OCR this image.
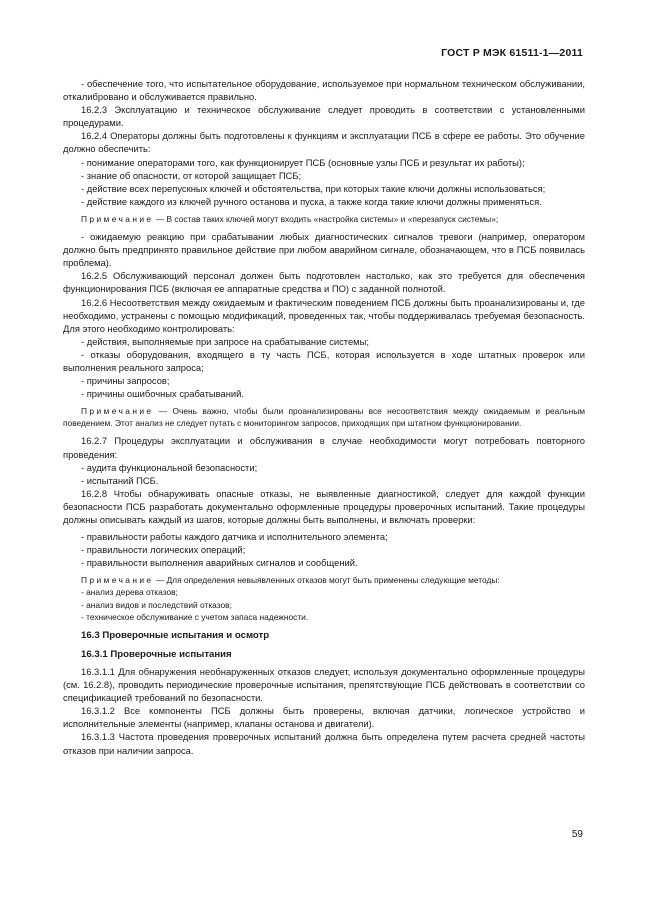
ГОСТ Р МЭК 61511-1—2011

- обеспечение того, что испытательное оборудование, используемое при нормальном техническом обслуживании, откалибровано и обслуживается правильно.

16.2.3 Эксплуатацию и техническое обслуживание следует проводить в соответствии с установленными процедурами.

16.2.4 Операторы должны быть подготовлены к функциям и эксплуатации ПСБ в сфере ее работы. Это обучение должно обеспечить:

- понимание операторами того, как функционирует ПСБ (основные узлы ПСБ и результат их работы);

- знание об опасности, от которой защищает ПСБ;

- действие всех перепускных ключей и обстоятельства, при которых такие ключи должны использоваться;

- действие каждого из ключей ручного останова и пуска, а также когда такие ключи должны применяться.

Примечание — В состав таких ключей могут входить «настройка системы» и «перезапуск системы»;

- ожидаемую реакцию при срабатывании любых диагностических сигналов тревоги (например, оператором должно быть предпринято правильное действие при любом аварийном сигнале, обозначающем, что в ПСБ появилась проблема).

16.2.5 Обслуживающий персонал должен быть подготовлен настолько, как это требуется для обеспечения функционирования ПСБ (включая ее аппаратные средства и ПО) с заданной полнотой.

16.2.6 Несоответствия между ожидаемым и фактическим поведением ПСБ должны быть проанализированы и, где необходимо, устранены с помощью модификаций, проведенных так, чтобы поддерживалась требуемая безопасность. Для этого необходимо контролировать:

- действия, выполняемые при запросе на срабатывание системы;

- отказы оборудования, входящего в ту часть ПСБ, которая используется в ходе штатных проверок или выполнения реального запроса;

- причины запросов;

- причины ошибочных срабатываний.

Примечание — Очень важно, чтобы были проанализированы все несоответствия между ожидаемым и реальным поведением. Этот анализ не следует путать с мониторингом запросов, приходящих при штатном функционировании.

16.2.7 Процедуры эксплуатации и обслуживания в случае необходимости могут потребовать повторного проведения:

- аудита функциональной безопасности;

- испытаний ПСБ.

16.2.8 Чтобы обнаруживать опасные отказы, не выявленные диагностикой, следует для каждой функции безопасности ПСБ разработать документально оформленные процедуры проверочных испытаний. Такие процедуры должны описывать каждый из шагов, которые должны быть выполнены, и включать проверки:

- правильности работы каждого датчика и исполнительного элемента;

- правильности логических операций;

- правильности выполнения аварийных сигналов и сообщений.

Примечание — Для определения невыявленных отказов могут быть применены следующие методы:

- анализ дерева отказов;

- анализ видов и последствий отказов;

- техническое обслуживание с учетом запаса надежности.

16.3 Проверочные испытания и осмотр

16.3.1 Проверочные испытания

16.3.1.1 Для обнаружения необнаруженных отказов следует, используя документально оформленные процедуры (см. 16.2.8), проводить периодические проверочные испытания, препятствующие ПСБ действовать в соответствии со спецификацией требований по безопасности.

16.3.1.2 Все компоненты ПСБ должны быть проверены, включая датчики, логическое устройство и исполнительные элементы (например, клапаны останова и двигатели).

16.3.1.3 Частота проведения проверочных испытаний должна быть определена путем расчета средней частоты отказов при наличии запроса.

59
